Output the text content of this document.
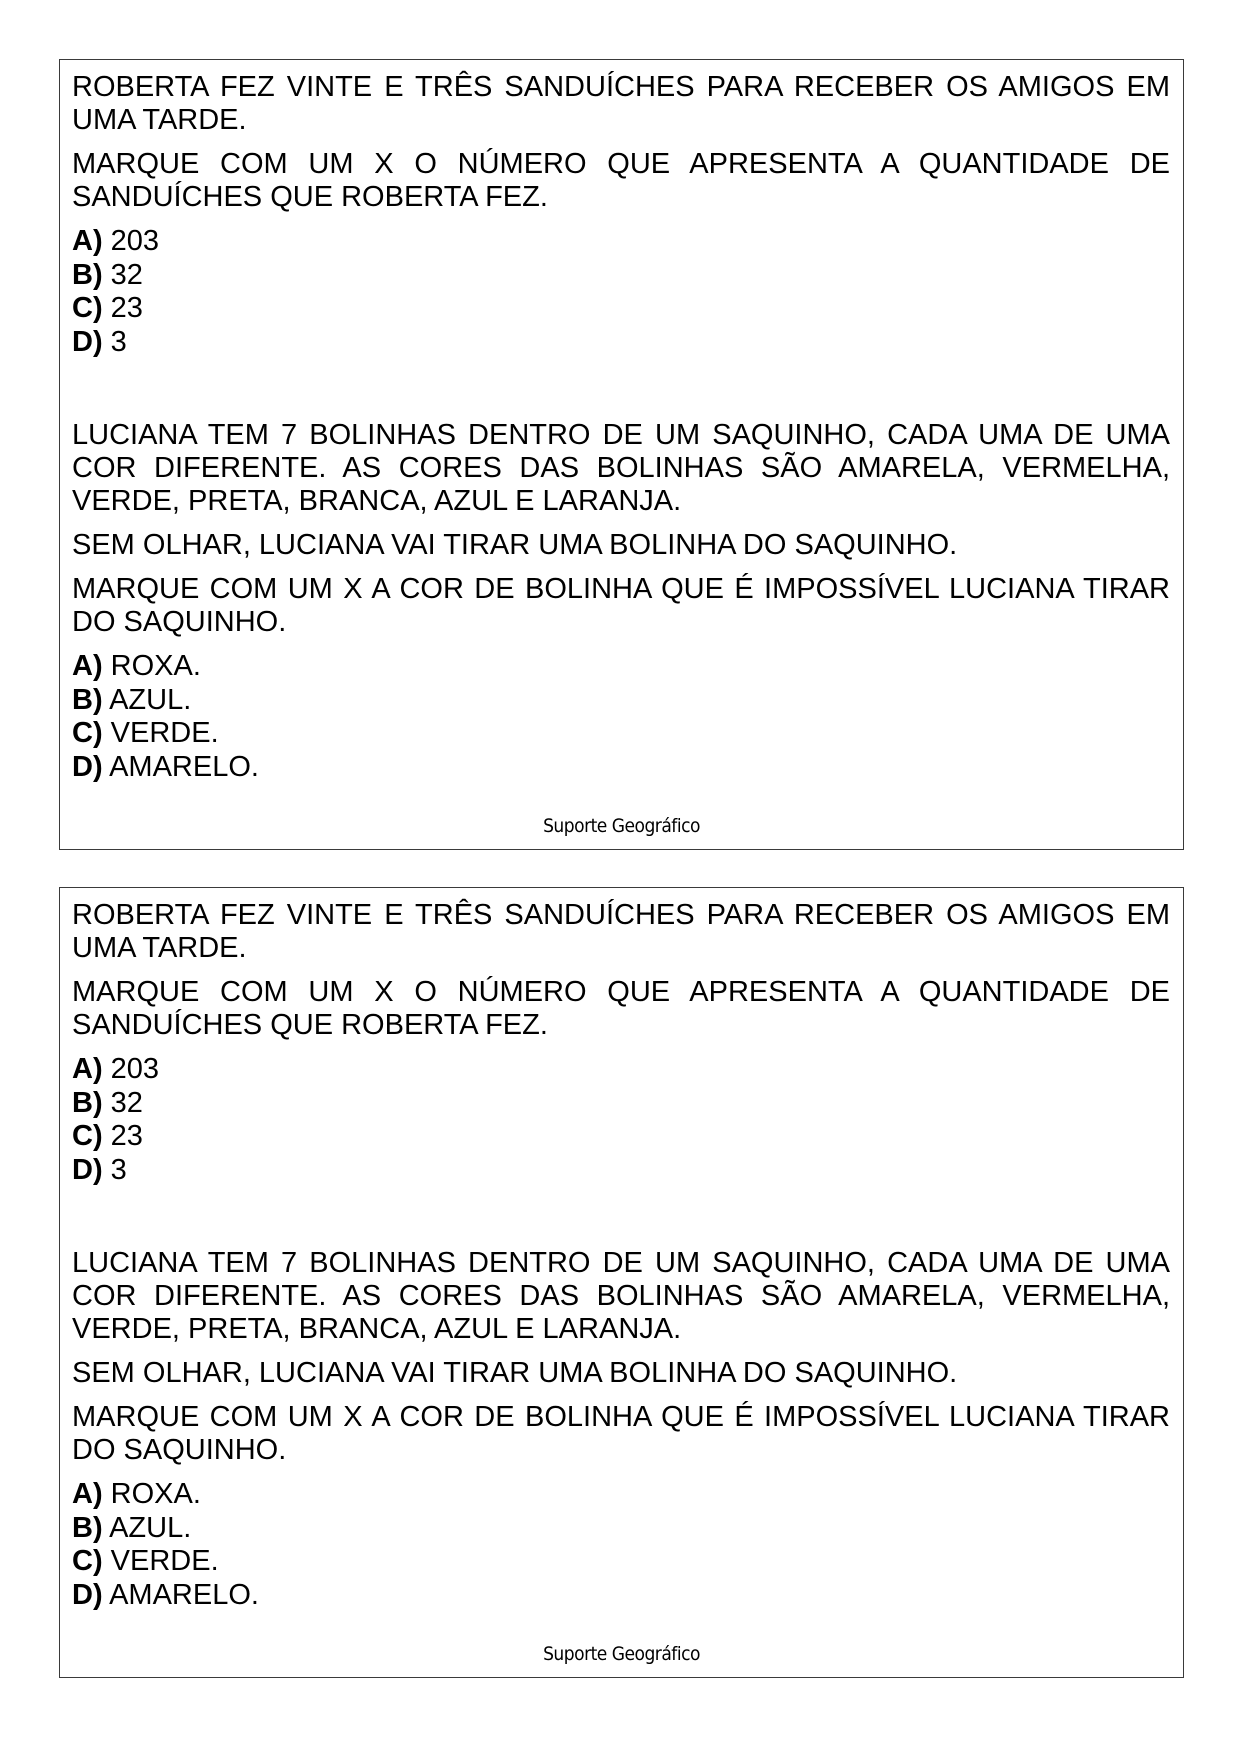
ROBERTA FEZ VINTE E TRÊS SANDUÍCHES PARA RECEBER OS AMIGOS EM UMA TARDE.

MARQUE COM UM X O NÚMERO QUE APRESENTA A QUANTIDADE DE SANDUÍCHES QUE ROBERTA FEZ.

A) 203
B) 32
C) 23
D) 3

LUCIANA TEM 7 BOLINHAS DENTRO DE UM SAQUINHO, CADA UMA DE UMA COR DIFERENTE. AS CORES DAS BOLINHAS SÃO AMARELA, VERMELHA, VERDE, PRETA, BRANCA, AZUL E LARANJA.

SEM OLHAR, LUCIANA VAI TIRAR UMA BOLINHA DO SAQUINHO.

MARQUE COM UM X A COR DE BOLINHA QUE É IMPOSSÍVEL LUCIANA TIRAR DO SAQUINHO.

A) ROXA.
B) AZUL.
C) VERDE.
D) AMARELO.
Suporte Geográfico

ROBERTA FEZ VINTE E TRÊS SANDUÍCHES PARA RECEBER OS AMIGOS EM UMA TARDE.

MARQUE COM UM X O NÚMERO QUE APRESENTA A QUANTIDADE DE SANDUÍCHES QUE ROBERTA FEZ.

A) 203
B) 32
C) 23
D) 3

LUCIANA TEM 7 BOLINHAS DENTRO DE UM SAQUINHO, CADA UMA DE UMA COR DIFERENTE. AS CORES DAS BOLINHAS SÃO AMARELA, VERMELHA, VERDE, PRETA, BRANCA, AZUL E LARANJA.

SEM OLHAR, LUCIANA VAI TIRAR UMA BOLINHA DO SAQUINHO.

MARQUE COM UM X A COR DE BOLINHA QUE É IMPOSSÍVEL LUCIANA TIRAR DO SAQUINHO.

A) ROXA.
B) AZUL.
C) VERDE.
D) AMARELO.
Suporte Geográfico
